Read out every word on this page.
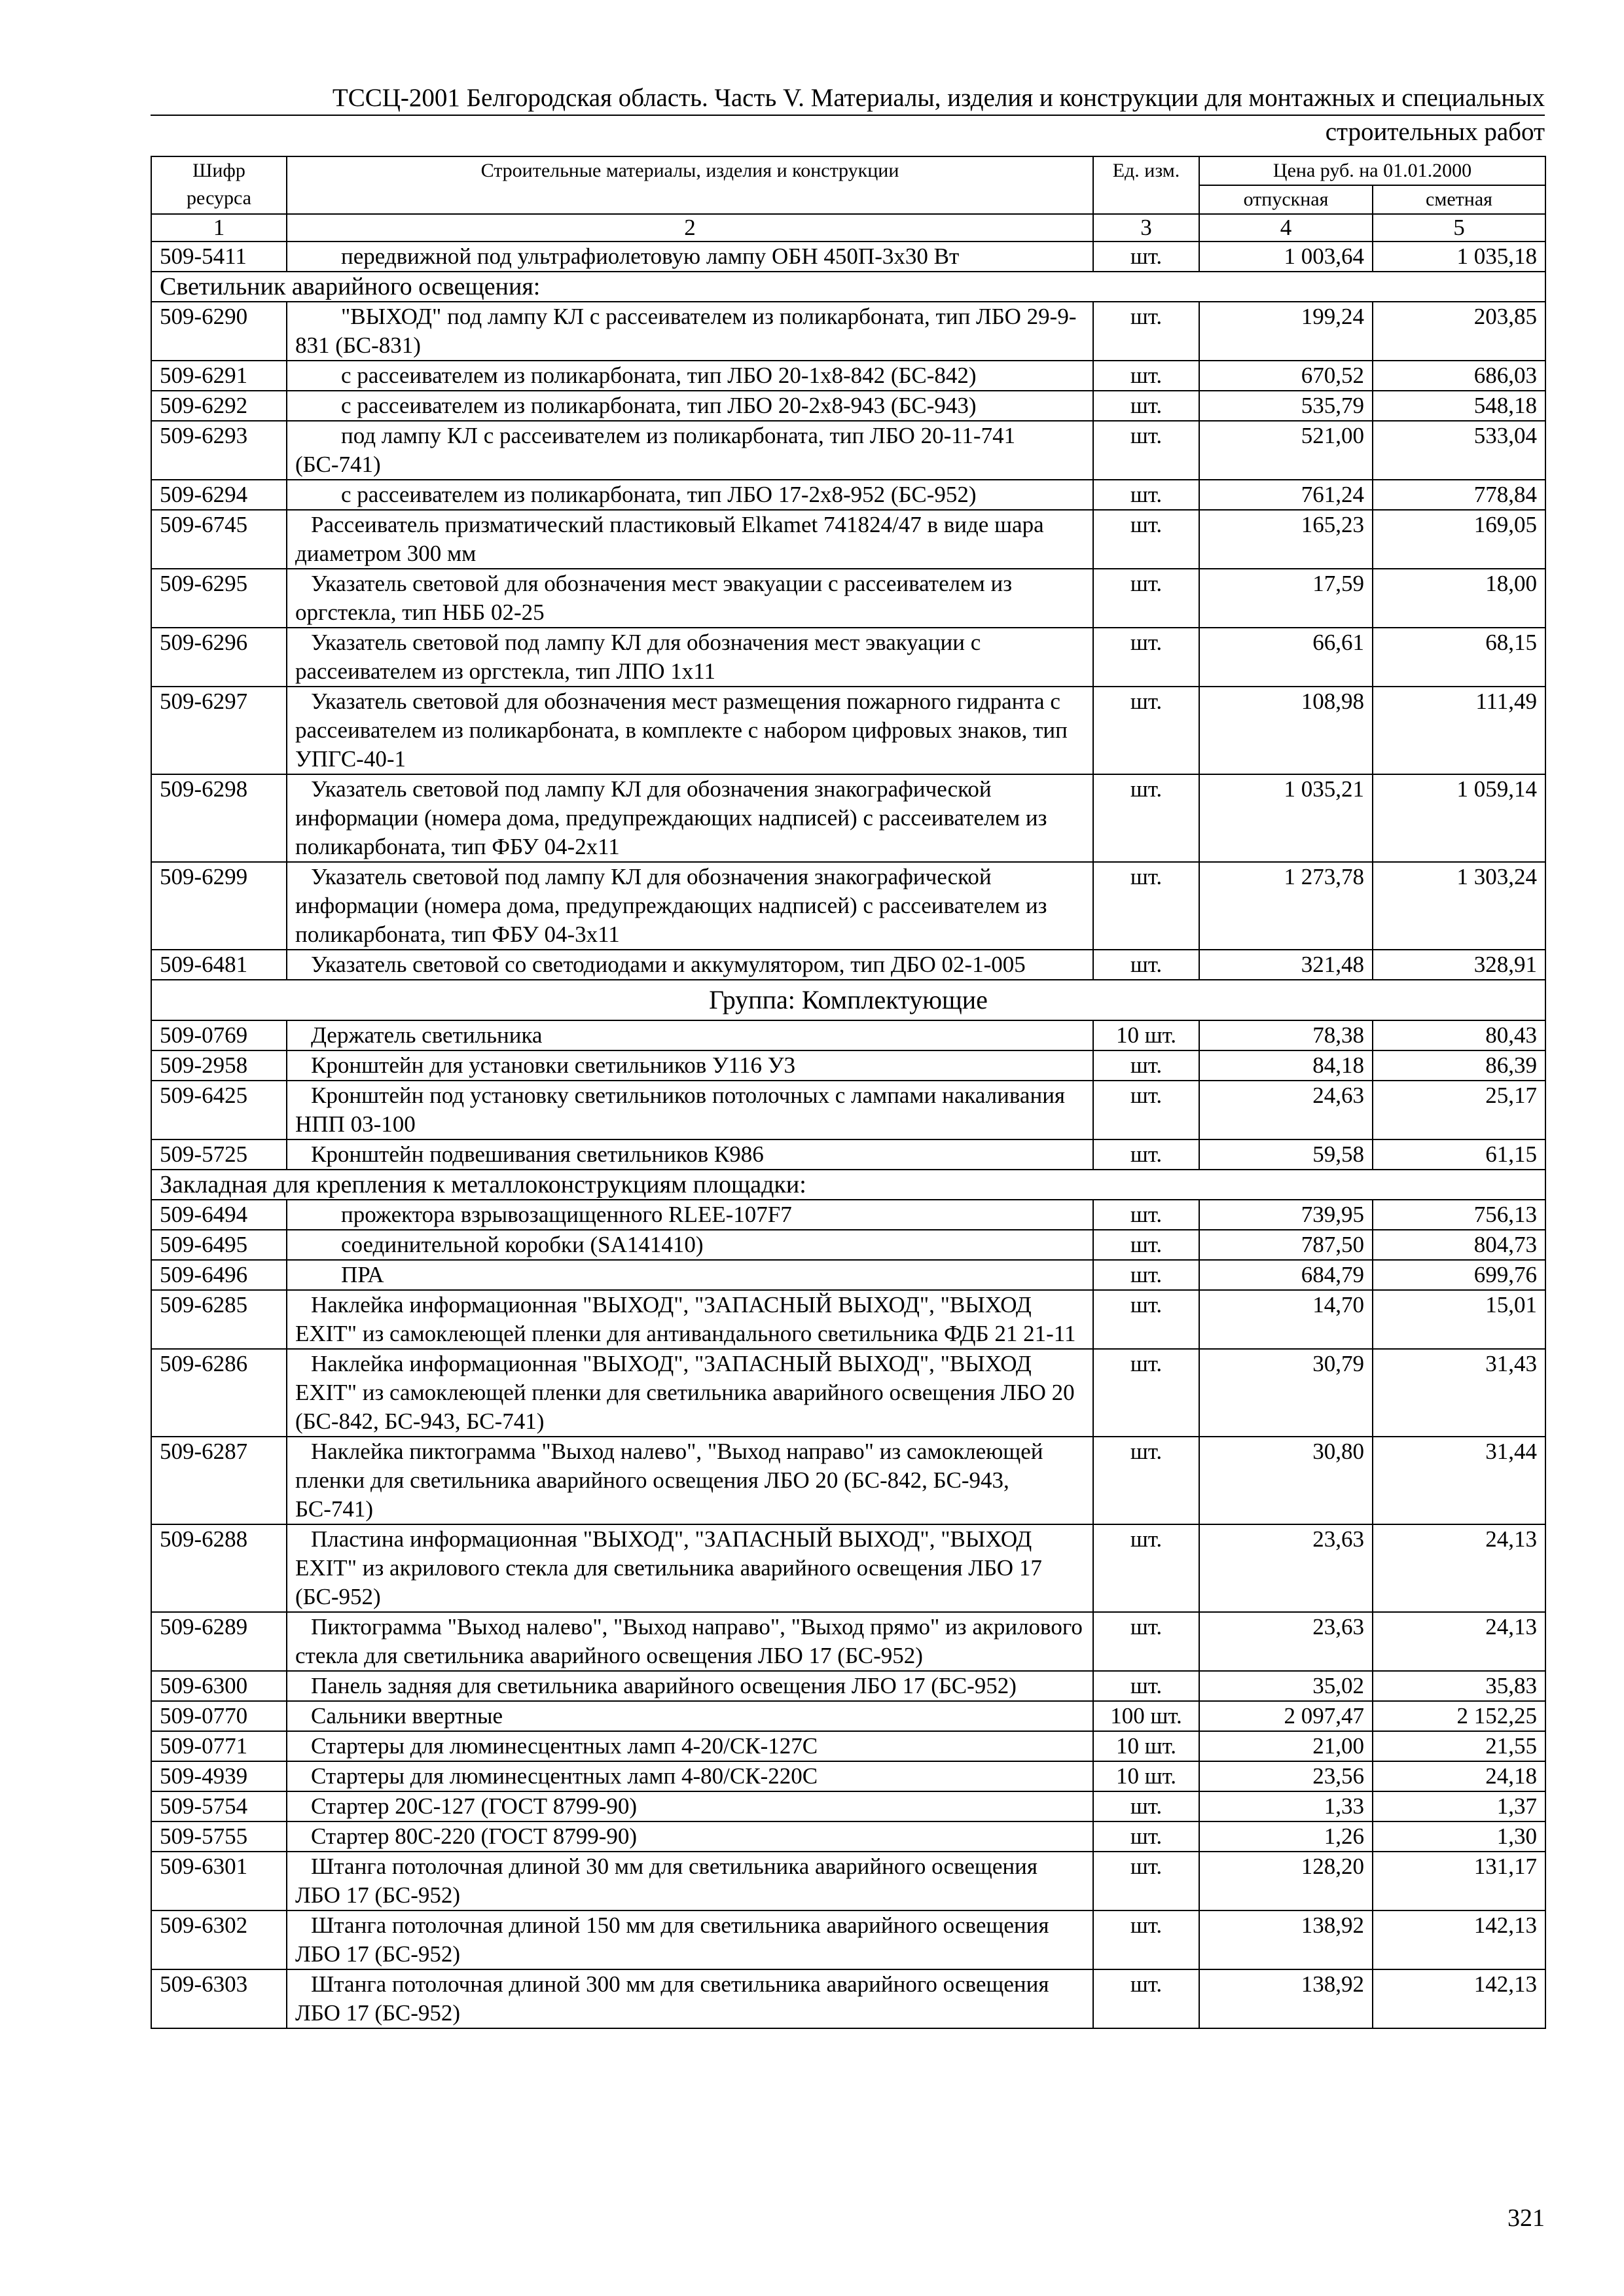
ТССЦ-2001 Белгородская область. Часть V. Материалы, изделия и конструкции для монтажных и специальных
строительных работ
Шифр ресурса	Строительные материалы, изделия и конструкции	Ед. изм.	Цена руб. на 01.01.2000	
			отпускная	сметная
1	2	3	4	5
509-5411	передвижной под ультрафиолетовую лампу ОБН 450П-3х30 Вт	шт.	1 003,64	1 035,18
Светильник аварийного освещения:				
509-6290	"ВЫХОД" под лампу КЛ с рассеивателем из поликарбоната, тип ЛБО 29-9-831 (БС-831)	шт.	199,24	203,85
509-6291	с рассеивателем из поликарбоната, тип ЛБО 20-1х8-842 (БС-842)	шт.	670,52	686,03
509-6292	с рассеивателем из поликарбоната, тип ЛБО 20-2х8-943 (БС-943)	шт.	535,79	548,18
509-6293	под лампу КЛ с рассеивателем из поликарбоната, тип ЛБО 20-11-741 (БС-741)	шт.	521,00	533,04
509-6294	с рассеивателем из поликарбоната, тип ЛБО 17-2х8-952 (БС-952)	шт.	761,24	778,84
509-6745	Рассеиватель призматический пластиковый Elkamet 741824/47 в виде шара диаметром 300 мм	шт.	165,23	169,05
509-6295	Указатель световой для обозначения мест эвакуации с рассеивателем из оргстекла, тип НББ 02-25	шт.	17,59	18,00
509-6296	Указатель световой под лампу КЛ для обозначения мест эвакуации с рассеивателем из оргстекла, тип ЛПО 1х11	шт.	66,61	68,15
509-6297	Указатель световой для обозначения мест размещения пожарного гидранта с рассеивателем из поликарбоната, в комплекте с набором цифровых знаков, тип УПГС-40-1	шт.	108,98	111,49
509-6298	Указатель световой под лампу КЛ для обозначения знакографической информации (номера дома, предупреждающих надписей) с рассеивателем из поликарбоната, тип ФБУ 04-2х11	шт.	1 035,21	1 059,14
509-6299	Указатель световой под лампу КЛ для обозначения знакографической информации (номера дома, предупреждающих надписей) с рассеивателем из поликарбоната, тип ФБУ 04-3х11	шт.	1 273,78	1 303,24
509-6481	Указатель световой со светодиодами и аккумулятором, тип ДБО 02-1-005	шт.	321,48	328,91
Группа: Комплектующие				
509-0769	Держатель светильника	10 шт.	78,38	80,43
509-2958	Кронштейн для установки светильников У116 У3	шт.	84,18	86,39
509-6425	Кронштейн под установку светильников потолочных с лампами накаливания НПП 03-100	шт.	24,63	25,17
509-5725	Кронштейн подвешивания светильников К986	шт.	59,58	61,15
Закладная для крепления к металлоконструкциям площадки:				
509-6494	прожектора взрывозащищенного RLEE-107F7	шт.	739,95	756,13
509-6495	соединительной коробки (SA141410)	шт.	787,50	804,73
509-6496	ПРА	шт.	684,79	699,76
509-6285	Наклейка информационная "ВЫХОД", "ЗАПАСНЫЙ ВЫХОД", "ВЫХОД EXIT" из самоклеющей пленки для антивандального светильника ФДБ 21 21-11	шт.	14,70	15,01
509-6286	Наклейка информационная "ВЫХОД", "ЗАПАСНЫЙ ВЫХОД", "ВЫХОД EXIT" из самоклеющей пленки для светильника аварийного освещения ЛБО 20 (БС-842, БС-943, БС-741)	шт.	30,79	31,43
509-6287	Наклейка пиктограмма "Выход налево", "Выход направо" из самоклеющей пленки для светильника аварийного освещения ЛБО 20 (БС-842, БС-943, БС-741)	шт.	30,80	31,44
509-6288	Пластина информационная "ВЫХОД", "ЗАПАСНЫЙ ВЫХОД", "ВЫХОД EXIT" из акрилового стекла для светильника аварийного освещения ЛБО 17 (БС-952)	шт.	23,63	24,13
509-6289	Пиктограмма "Выход налево", "Выход направо", "Выход прямо" из акрилового стекла для светильника аварийного освещения ЛБО 17 (БС-952)	шт.	23,63	24,13
509-6300	Панель задняя для светильника аварийного освещения ЛБО 17 (БС-952)	шт.	35,02	35,83
509-0770	Сальники ввертные	100 шт.	2 097,47	2 152,25
509-0771	Стартеры для люминесцентных ламп 4-20/СК-127С	10 шт.	21,00	21,55
509-4939	Стартеры для люминесцентных ламп 4-80/СК-220С	10 шт.	23,56	24,18
509-5754	Стартер 20С-127 (ГОСТ 8799-90)	шт.	1,33	1,37
509-5755	Стартер 80С-220 (ГОСТ 8799-90)	шт.	1,26	1,30
509-6301	Штанга потолочная длиной 30 мм для светильника аварийного освещения ЛБО 17 (БС-952)	шт.	128,20	131,17
509-6302	Штанга потолочная длиной 150 мм для светильника аварийного освещения ЛБО 17 (БС-952)	шт.	138,92	142,13
509-6303	Штанга потолочная длиной 300 мм для светильника аварийного освещения ЛБО 17 (БС-952)	шт.	138,92	142,13
321
